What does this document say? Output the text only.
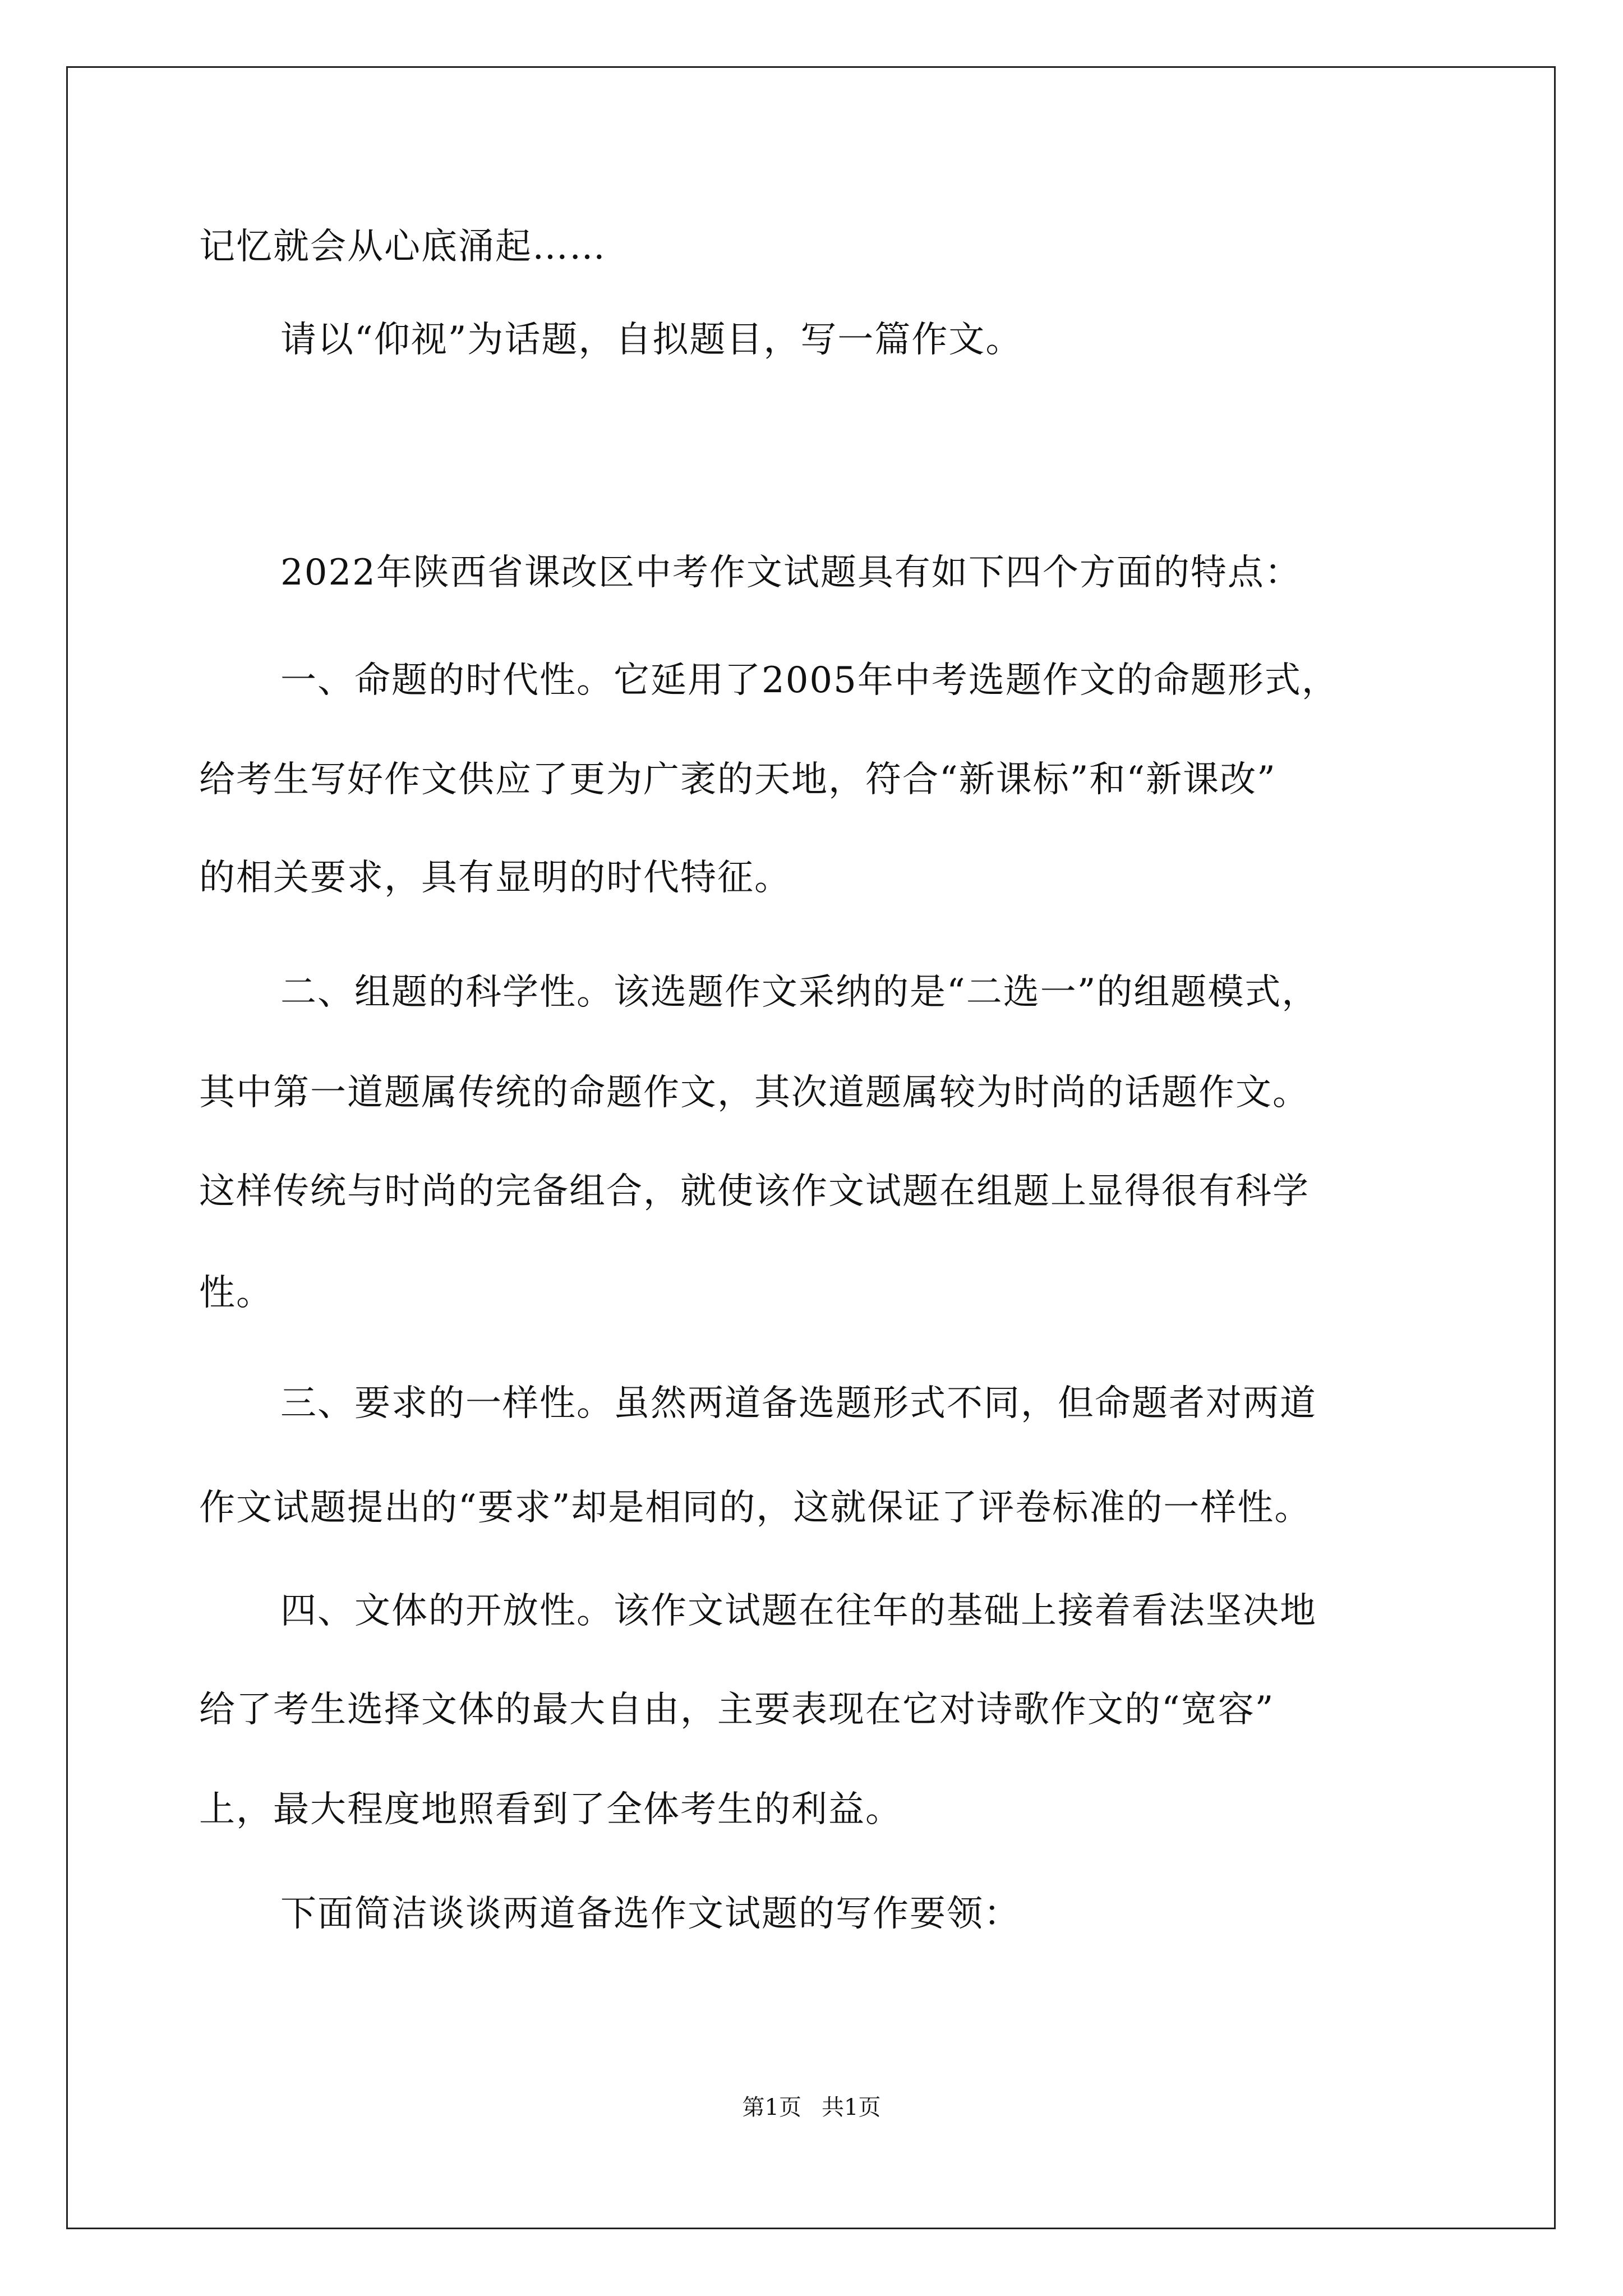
记忆就会从心底涌起……
请以“仰视”为话题，自拟题目，写一篇作文。
2022年陕西省课改区中考作文试题具有如下四个方面的特点：
一、命题的时代性。它延用了2005年中考选题作文的命题形式，
给考生写好作文供应了更为广袤的天地，符合“新课标”和“新课改”
的相关要求，具有显明的时代特征。
二、组题的科学性。该选题作文采纳的是“二选一”的组题模式，
其中第一道题属传统的命题作文，其次道题属较为时尚的话题作文。
这样传统与时尚的完备组合，就使该作文试题在组题上显得很有科学
性。
三、要求的一样性。虽然两道备选题形式不同，但命题者对两道
作文试题提出的“要求”却是相同的，这就保证了评卷标准的一样性。
四、文体的开放性。该作文试题在往年的基础上接着看法坚决地
给了考生选择文体的最大自由，主要表现在它对诗歌作文的“宽容”
上，最大程度地照看到了全体考生的利益。
下面简洁谈谈两道备选作文试题的写作要领：
第1页 共1页
